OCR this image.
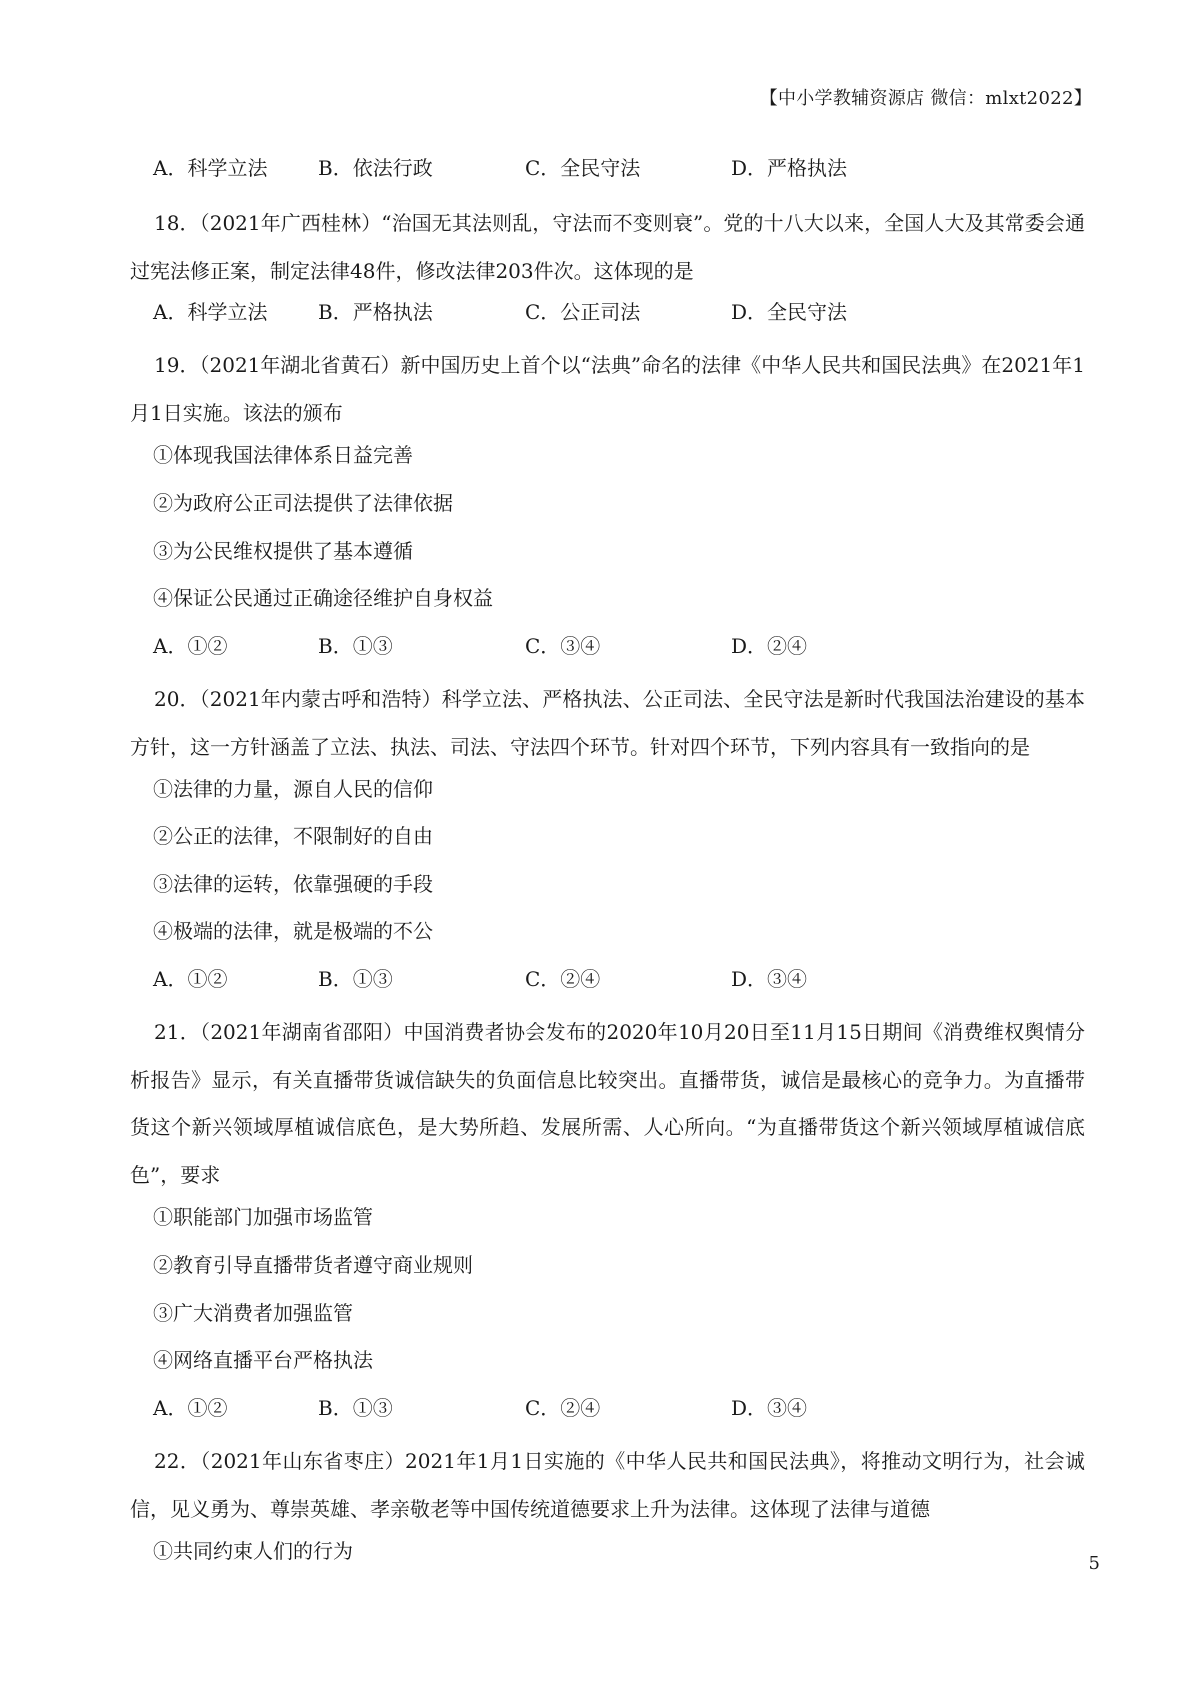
【中小学教辅资源店 微信：mlxt2022】
A．科学立法	B．依法行政	C．全民守法	D．严格执法
18．（2021年广西桂林）“治国无其法则乱，守法而不变则衰”。党的十八大以来，全国人大及其常委会通过宪法修正案，制定法律48件，修改法律203件次。这体现的是
A．科学立法	B．严格执法	C．公正司法	D．全民守法
19．（2021年湖北省黄石）新中国历史上首个以“法典”命名的法律《中华人民共和国民法典》在2021年1月1日实施。该法的颁布
①体现我国法律体系日益完善
②为政府公正司法提供了法律依据
③为公民维权提供了基本遵循
④保证公民通过正确途径维护自身权益
A．①②	B．①③	C．③④	D．②④
20．（2021年内蒙古呼和浩特）科学立法、严格执法、公正司法、全民守法是新时代我国法治建设的基本方针，这一方针涵盖了立法、执法、司法、守法四个环节。针对四个环节，下列内容具有一致指向的是
①法律的力量，源自人民的信仰
②公正的法律，不限制好的自由
③法律的运转，依靠强硬的手段
④极端的法律，就是极端的不公
A．①②	B．①③	C．②④	D．③④
21．（2021年湖南省邵阳）中国消费者协会发布的2020年10月20日至11月15日期间《消费维权舆情分析报告》显示，有关直播带货诚信缺失的负面信息比较突出。直播带货，诚信是最核心的竞争力。为直播带货这个新兴领域厚植诚信底色，是大势所趋、发展所需、人心所向。“为直播带货这个新兴领域厚植诚信底色”，要求
①职能部门加强市场监管
②教育引导直播带货者遵守商业规则
③广大消费者加强监管
④网络直播平台严格执法
A．①②	B．①③	C．②④	D．③④
22．（2021年山东省枣庄）2021年1月1日实施的《中华人民共和国民法典》，将推动文明行为，社会诚信，见义勇为、尊崇英雄、孝亲敬老等中国传统道德要求上升为法律。这体现了法律与道德
①共同约束人们的行为
5
